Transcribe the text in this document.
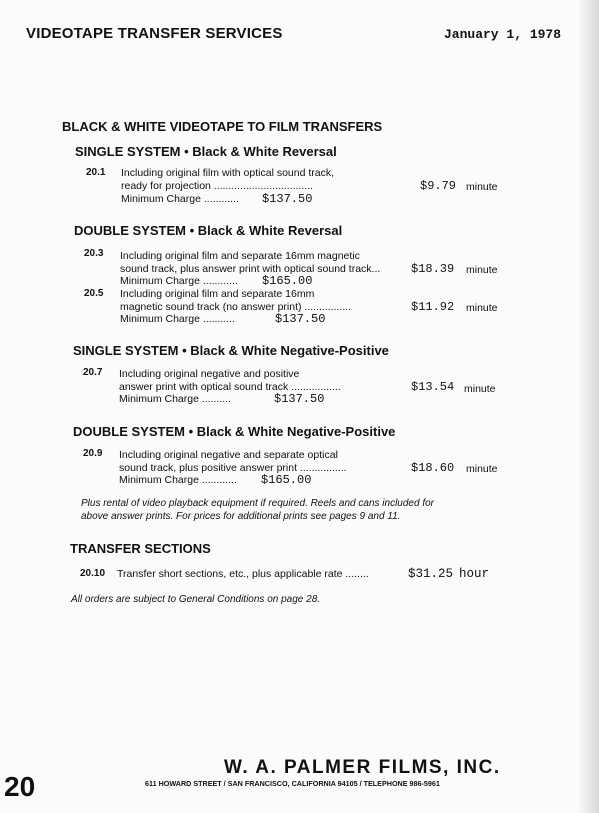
VIDEOTAPE TRANSFER SERVICES	January 1, 1978
BLACK & WHITE VIDEOTAPE TO FILM TRANSFERS
SINGLE SYSTEM • Black & White Reversal
20.1 Including original film with optical sound track,
ready for projection ..................................	$9.79 minute
Minimum Charge ............ $137.50
DOUBLE SYSTEM • Black & White Reversal
20.3 Including original film and separate 16mm magnetic
sound track, plus answer print with optical sound track...	$18.39 minute
Minimum Charge ............ $165.00
20.5 Including original film and separate 16mm
magnetic sound track (no answer print) ................	$11.92 minute
Minimum Charge ...........	$137.50
SINGLE SYSTEM • Black & White Negative-Positive
20.7 Including original negative and positive
answer print with optical sound track .................	$13.54 minute
Minimum Charge ..........	$137.50
DOUBLE SYSTEM • Black & White Negative-Positive
20.9 Including original negative and separate optical
sound track, plus positive answer print ................	$18.60 minute
Minimum Charge ............ $165.00
Plus rental of video playback equipment if required. Reels and cans included for
above answer prints. For prices for additional prints see pages 9 and 11.
TRANSFER SECTIONS
20.10 Transfer short sections, etc., plus applicable rate ........	$31.25 hour
All orders are subject to General Conditions on page 28.
W. A. PALMER FILMS, INC.
611 HOWARD STREET / SAN FRANCISCO, CALIFORNIA 94105 / TELEPHONE 986-5961
20
